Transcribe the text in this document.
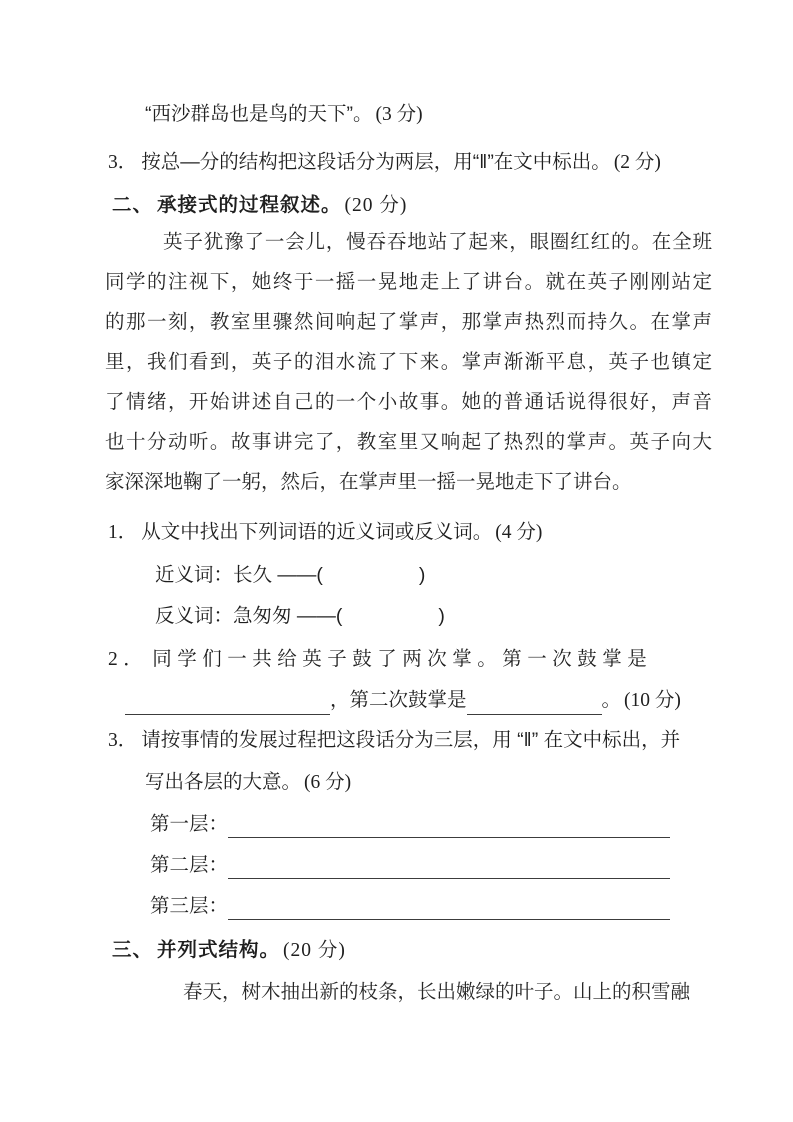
“西沙群岛也是鸟的天下”。 (3 分)
3． 按总—分的结构把这段话分为两层，用“‖”在文中标出。 (2 分)
二、 承接式的过程叙述。 (20 分)
英子犹豫了一会儿，慢吞吞地站了起来，眼圈红红的。在全班
同学的注视下，她终于一摇一晃地走上了讲台。就在英子刚刚站定
的那一刻，教室里骤然间响起了掌声，那掌声热烈而持久。在掌声
里，我们看到，英子的泪水流了下来。掌声渐渐平息，英子也镇定
了情绪，开始讲述自己的一个小故事。她的普通话说得很好，声音
也十分动听。故事讲完了，教室里又响起了热烈的掌声。英子向大
家深深地鞠了一躬，然后，在掌声里一摇一晃地走下了讲台。
1． 从文中找出下列词语的近义词或反义词。 (4 分)
近义词：长久 ——(	)
反义词：急匆匆 ——(	)
2． 同学们一共给英子鼓了两次掌。第一次鼓掌是
，第二次鼓掌是	。 (10 分)
3． 请按事情的发展过程把这段话分为三层，用 “‖” 在文中标出，并
写出各层的大意。 (6 分)
第一层：
第二层：
第三层：
三、 并列式结构。 (20 分)
春天，树木抽出新的枝条，长出嫩绿的叶子。山上的积雪融
